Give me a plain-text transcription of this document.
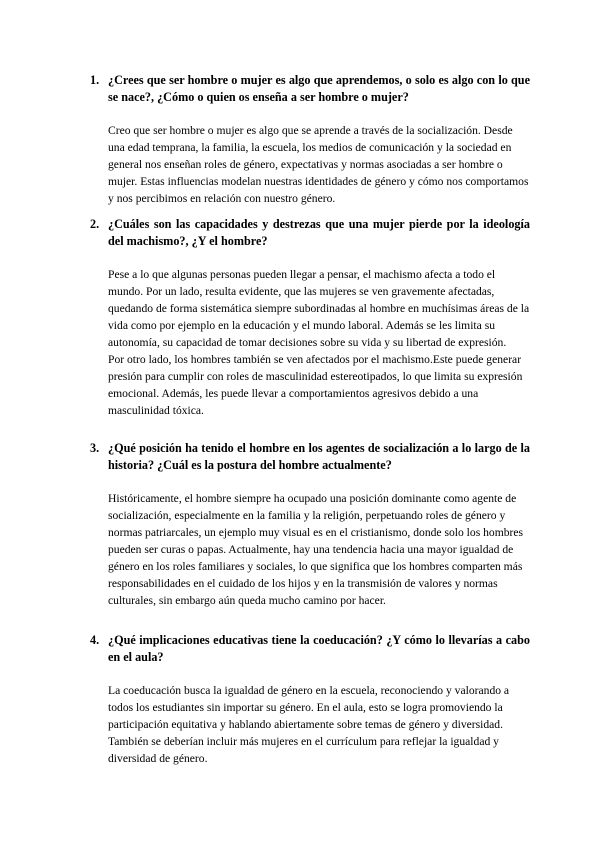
1. ¿Crees que ser hombre o mujer es algo que aprendemos, o solo es algo con lo que se nace?, ¿Cómo o quien os enseña a ser hombre o mujer?

Creo que ser hombre o mujer es algo que se aprende a través de la socialización. Desde una edad temprana, la familia, la escuela, los medios de comunicación y la sociedad en general nos enseñan roles de género, expectativas y normas asociadas a ser hombre o mujer. Estas influencias modelan nuestras identidades de género y cómo nos comportamos y nos percibimos en relación con nuestro género.

2. ¿Cuáles son las capacidades y destrezas que una mujer pierde por la ideología del machismo?, ¿Y el hombre?

Pese a lo que algunas personas pueden llegar a pensar, el machismo afecta a todo el mundo. Por un lado, resulta evidente, que las mujeres se ven gravemente afectadas, quedando de forma sistemática siempre subordinadas al hombre en muchísimas áreas de la vida como por ejemplo en la educación y el mundo laboral. Además se les limita su autonomía, su capacidad de tomar decisiones sobre su vida y su libertad de expresión.

Por otro lado, los hombres también se ven afectados por el machismo.Este puede generar presión para cumplir con roles de masculinidad estereotipados, lo que limita su expresión emocional. Además, les puede llevar a comportamientos agresivos debido a una masculinidad tóxica.

3. ¿Qué posición ha tenido el hombre en los agentes de socialización a lo largo de la historia? ¿Cuál es la postura del hombre actualmente?

Históricamente, el hombre siempre ha ocupado una posición dominante como agente de socialización, especialmente en la familia y la religión, perpetuando roles de género y normas patriarcales, un ejemplo muy visual es en el cristianismo, donde solo los hombres pueden ser curas o papas. Actualmente, hay una tendencia hacia una mayor igualdad de género en los roles familiares y sociales, lo que significa que los hombres comparten más responsabilidades en el cuidado de los hijos y en la transmisión de valores y normas culturales, sin embargo aún queda mucho camino por hacer.

4. ¿Qué implicaciones educativas tiene la coeducación? ¿Y cómo lo llevarías a cabo en el aula?

La coeducación busca la igualdad de género en la escuela, reconociendo y valorando a todos los estudiantes sin importar su género. En el aula, esto se logra promoviendo la participación equitativa y hablando abiertamente sobre temas de género y diversidad. También se deberían incluir más mujeres en el currículum para reflejar la igualdad y diversidad de género.
